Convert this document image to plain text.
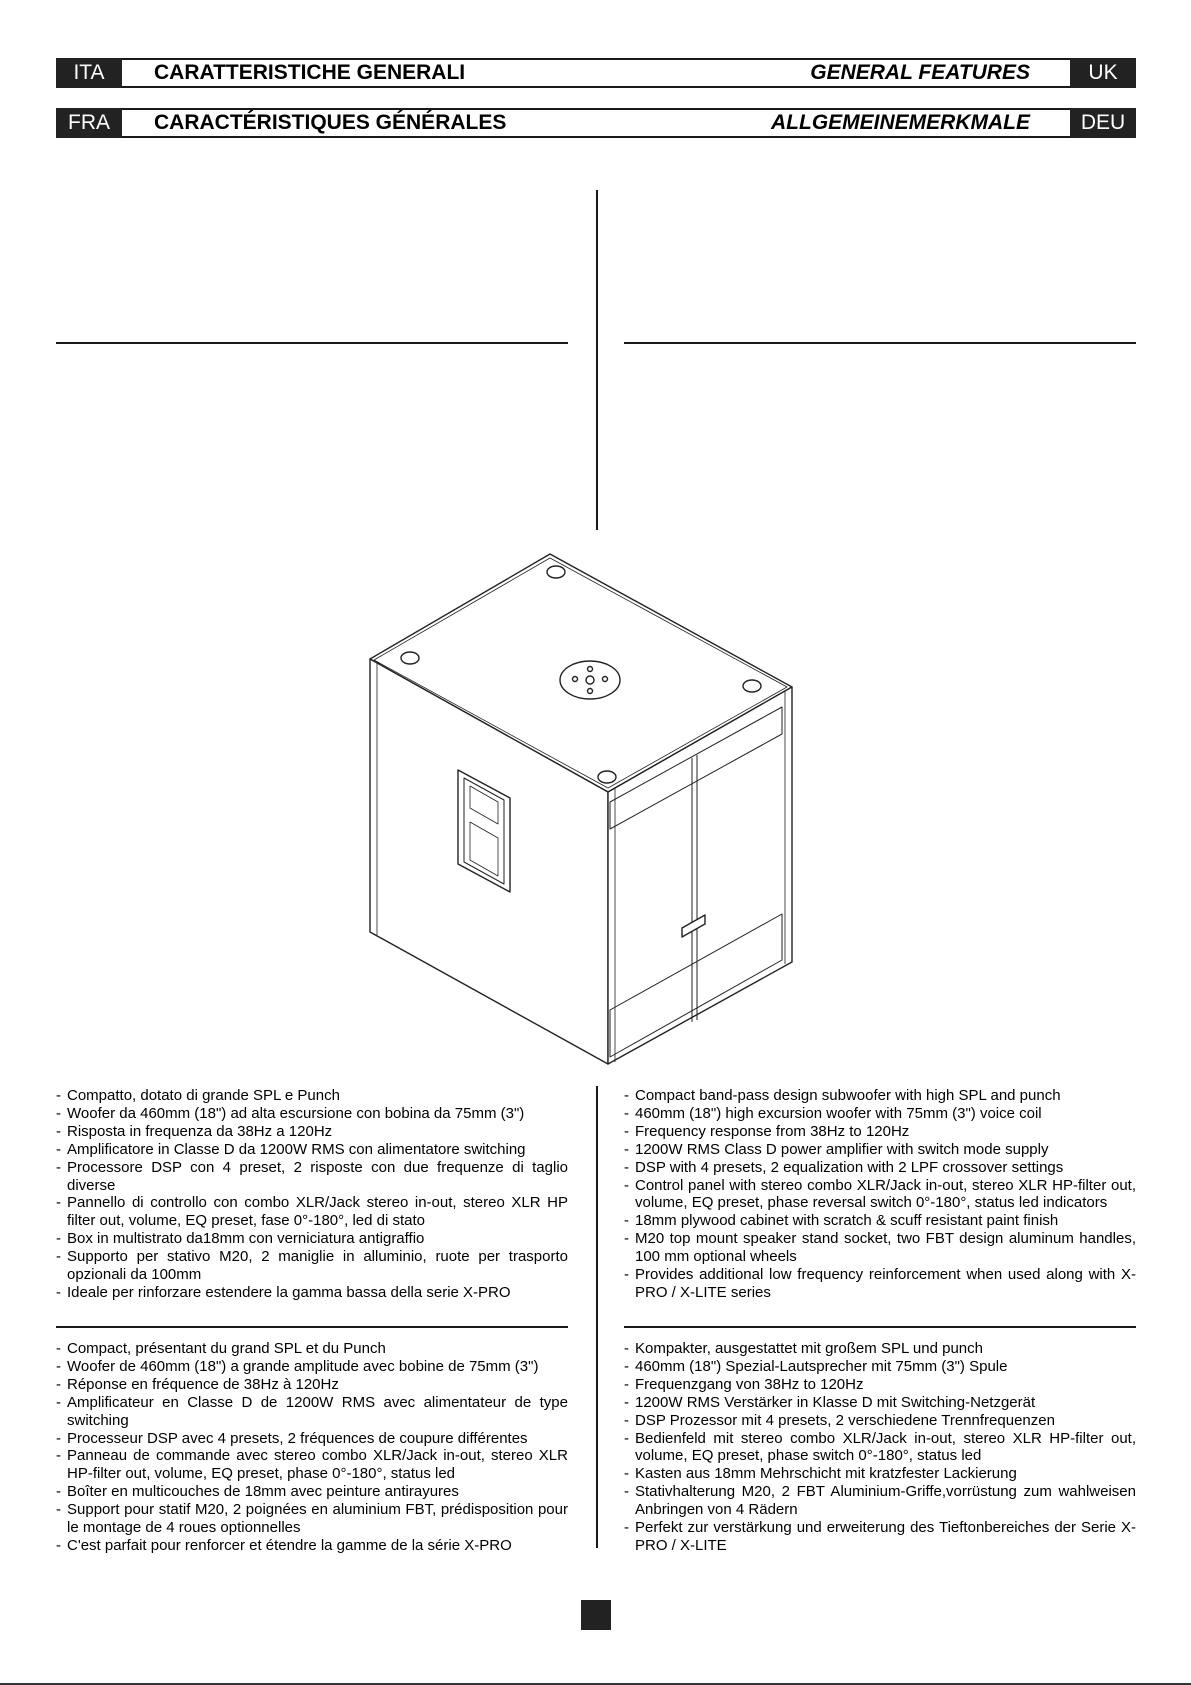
ITA	CARATTERISTICHE GENERALI	GENERAL FEATURES	UK
FRA	CARACTÉRISTIQUES GÉNÉRALES	ALLGEMEINEMERKMALE	DEU
- Compatto, dotato di grande SPL e Punch
- Woofer da 460mm (18") ad alta escursione con bobina da 75mm (3")
- Risposta in frequenza da 38Hz a 120Hz
- Amplificatore in Classe D da 1200W RMS con alimentatore switching
- Processore DSP con 4 preset, 2 risposte con due frequenze di taglio diverse
- Pannello di controllo con combo XLR/Jack stereo in-out, stereo XLR HP filter out, volume, EQ preset, fase 0°-180°, led di stato
- Box in multistrato da18mm con verniciatura antigraffio
- Supporto per stativo M20, 2 maniglie in alluminio, ruote per trasporto opzionali da 100mm
- Ideale per rinforzare estendere la gamma bassa della serie X-PRO
- Compact band-pass design subwoofer with high SPL and punch
- 460mm (18") high excursion woofer with 75mm (3") voice coil
- Frequency response from 38Hz to 120Hz
- 1200W RMS Class D power amplifier with switch mode supply
- DSP with 4 presets, 2 equalization with 2 LPF crossover settings
- Control panel with stereo combo XLR/Jack in-out, stereo XLR HP-filter out, volume, EQ preset, phase reversal switch 0°-180°, status led indicators
- 18mm plywood cabinet with scratch & scuff resistant paint finish
- M20 top mount speaker stand socket, two FBT design aluminum handles, 100 mm optional wheels
- Provides additional low frequency reinforcement when used along with X-PRO / X-LITE series
- Compact, présentant du grand SPL et du Punch
- Woofer de 460mm (18") a grande amplitude avec bobine de 75mm (3")
- Réponse en fréquence de 38Hz à 120Hz
- Amplificateur en Classe D de 1200W RMS avec alimentateur de type switching
- Processeur DSP avec 4 presets, 2 fréquences de coupure différentes
- Panneau de commande avec stereo combo XLR/Jack in-out, stereo XLR HP-filter out, volume, EQ preset, phase 0°-180°, status led
- Boîter en multicouches de 18mm avec peinture antirayures
- Support pour statif M20, 2 poignées en aluminium FBT, prédisposition pour le montage de 4 roues optionnelles
- C'est parfait pour renforcer et étendre la gamme de la série X-PRO
- Kompakter, ausgestattet mit großem SPL und punch
- 460mm (18") Spezial-Lautsprecher mit 75mm (3") Spule
- Frequenzgang von 38Hz to 120Hz
- 1200W RMS Verstärker in Klasse D mit Switching-Netzgerät
- DSP Prozessor mit 4 presets, 2 verschiedene Trennfrequenzen
- Bedienfeld mit stereo combo XLR/Jack in-out, stereo XLR HP-filter out, volume, EQ preset, phase switch 0°-180°, status led
- Kasten aus 18mm Mehrschicht mit kratzfester Lackierung
- Stativhalterung M20, 2 FBT Aluminium-Griffe,vorrüstung zum wahlweisen Anbringen von 4 Rädern
- Perfekt zur verstärkung und erweiterung des Tieftonbereiches der Serie X-PRO / X-LITE
